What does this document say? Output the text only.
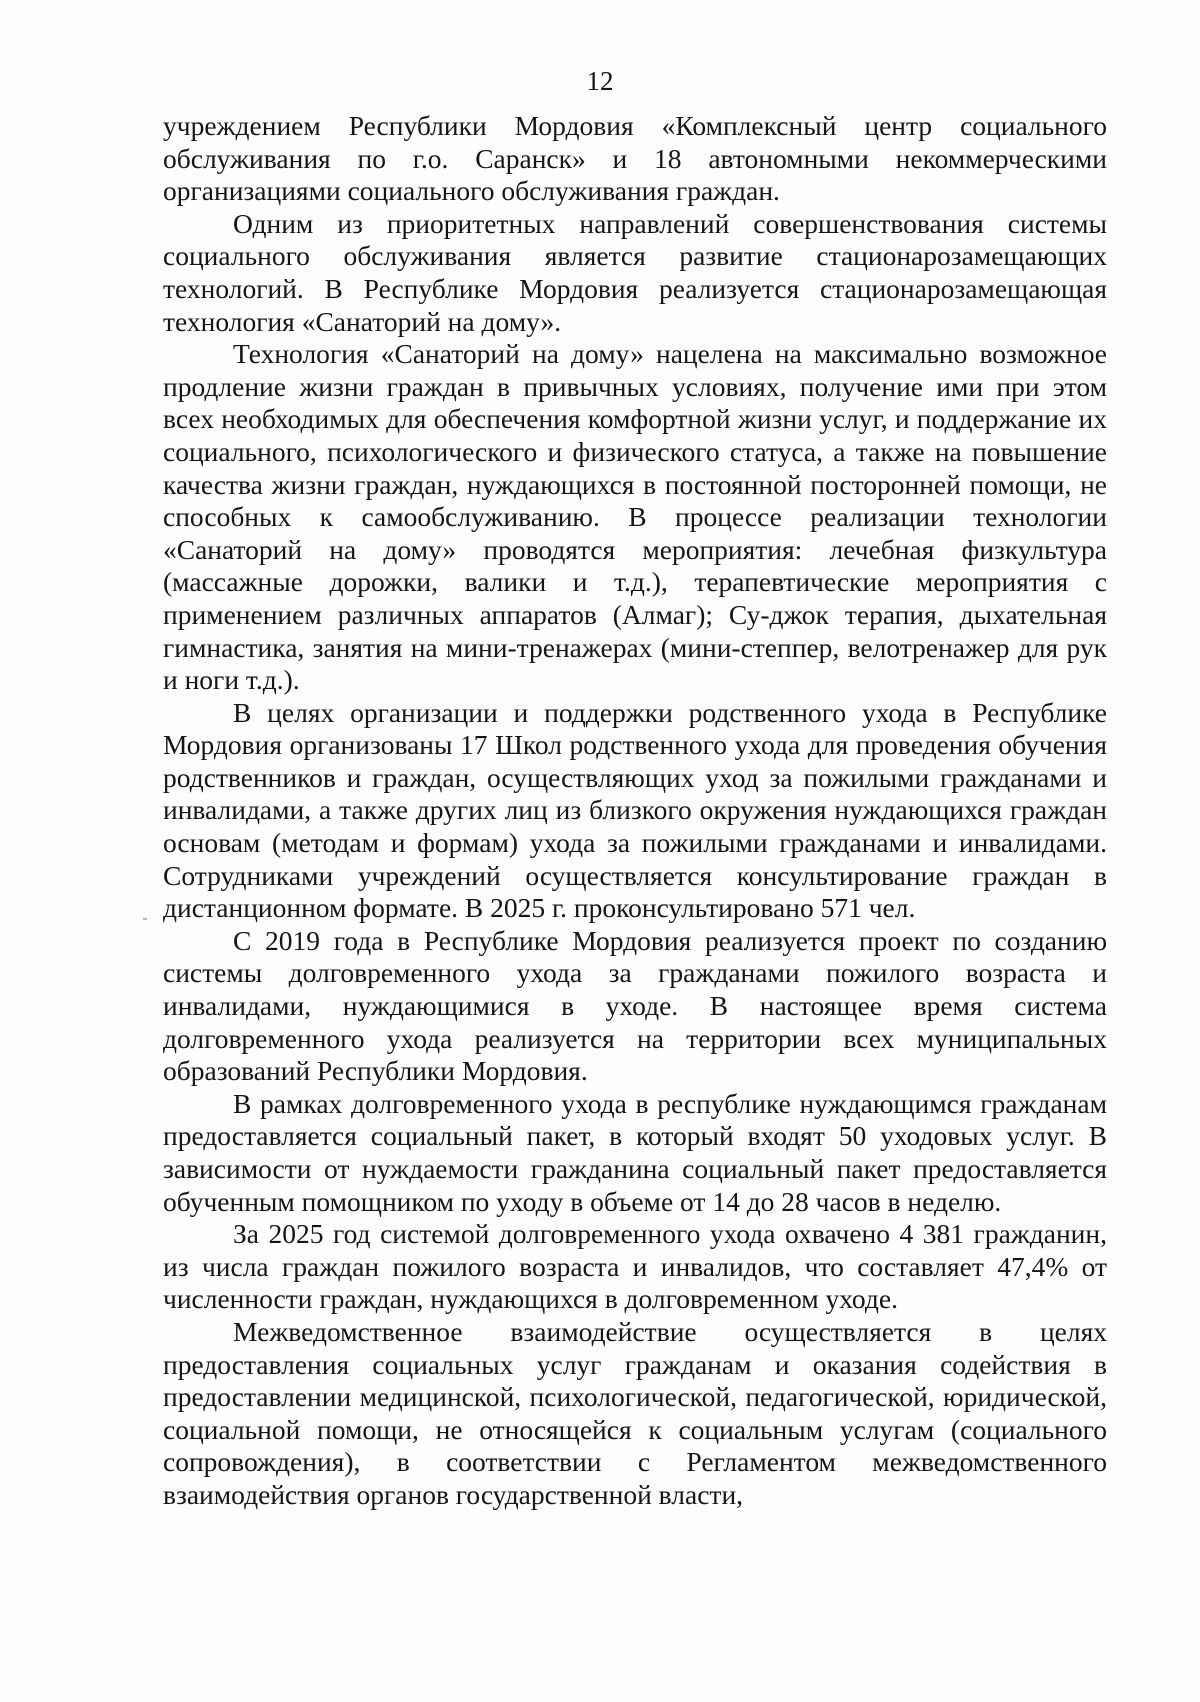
12

учреждением Республики Мордовия «Комплексный центр социального обслуживания по г.о. Саранск» и 18 автономными некоммерческими организациями социального обслуживания граждан.

Одним из приоритетных направлений совершенствования системы социального обслуживания является развитие стационарозамещающих технологий. В Республике Мордовия реализуется стационарозамещающая технология «Санаторий на дому».

Технология «Санаторий на дому» нацелена на максимально возможное продление жизни граждан в привычных условиях, получение ими при этом всех необходимых для обеспечения комфортной жизни услуг, и поддержание их социального, психологического и физического статуса, а также на повышение качества жизни граждан, нуждающихся в постоянной посторонней помощи, не способных к самообслуживанию. В процессе реализации технологии «Санаторий на дому» проводятся мероприятия: лечебная физкультура (массажные дорожки, валики и т.д.), терапевтические мероприятия с применением различных аппаратов (Алмаг); Су-джок терапия, дыхательная гимнастика, занятия на мини-тренажерах (мини-степпер, велотренажер для рук и ноги т.д.).

В целях организации и поддержки родственного ухода в Республике Мордовия организованы 17 Школ родственного ухода для проведения обучения родственников и граждан, осуществляющих уход за пожилыми гражданами и инвалидами, а также других лиц из близкого окружения нуждающихся граждан основам (методам и формам) ухода за пожилыми гражданами и инвалидами. Сотрудниками учреждений осуществляется консультирование граждан в дистанционном формате. В 2025 г. проконсультировано 571 чел.

С 2019 года в Республике Мордовия реализуется проект по созданию системы долговременного ухода за гражданами пожилого возраста и инвалидами, нуждающимися в уходе. В настоящее время система долговременного ухода реализуется на территории всех муниципальных образований Республики Мордовия.

В рамках долговременного ухода в республике нуждающимся гражданам предоставляется социальный пакет, в который входят 50 уходовых услуг. В зависимости от нуждаемости гражданина социальный пакет предоставляется обученным помощником по уходу в объеме от 14 до 28 часов в неделю.

За 2025 год системой долговременного ухода охвачено 4 381 гражданин, из числа граждан пожилого возраста и инвалидов, что составляет 47,4% от численности граждан, нуждающихся в долговременном уходе.

Межведомственное взаимодействие осуществляется в целях предоставления социальных услуг гражданам и оказания содействия в предоставлении медицинской, психологической, педагогической, юридической, социальной помощи, не относящейся к социальным услугам (социального сопровождения), в соответствии с Регламентом межведомственного взаимодействия органов государственной власти,
